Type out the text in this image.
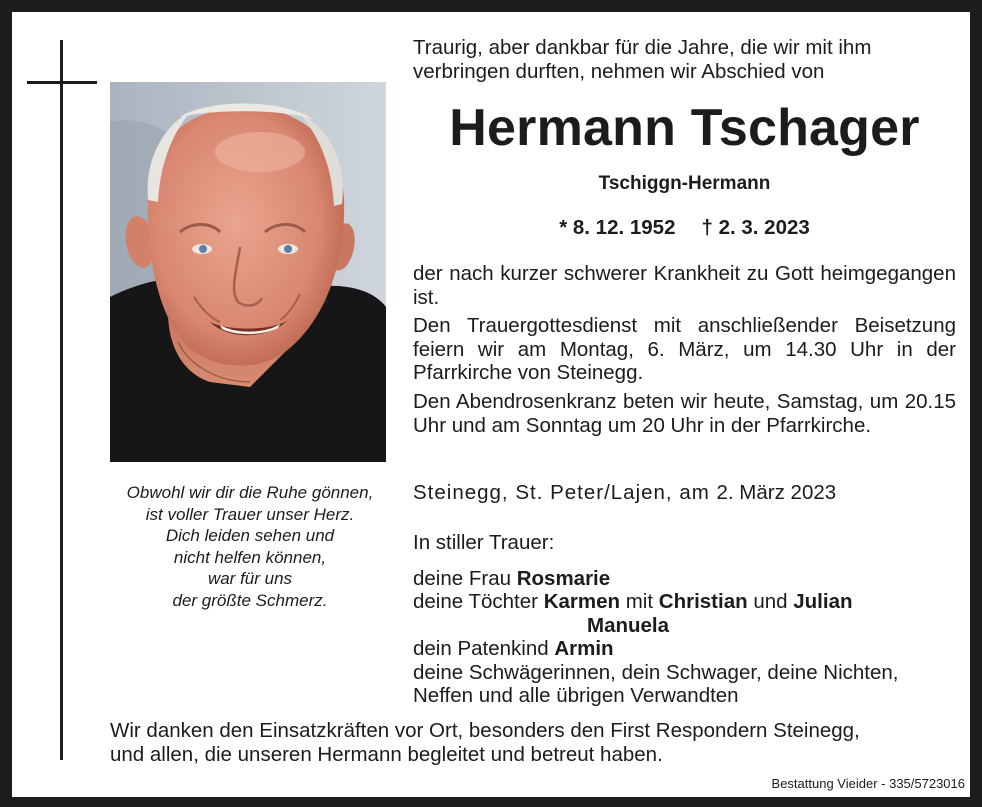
Obwohl wir dir die Ruhe gönnen,
ist voller Trauer unser Herz.
Dich leiden sehen und
nicht helfen können,
war für uns
der größte Schmerz.
Traurig, aber dankbar für die Jahre, die wir mit ihm
verbringen durften, nehmen wir Abschied von
Hermann Tschager
Tschiggn-Hermann
* 8. 12. 1952 † 2. 3. 2023
der nach kurzer schwerer Krankheit zu Gott heimgegangen ist.
Den Trauergottesdienst mit anschließender Beisetzung feiern wir am Montag, 6. März, um 14.30 Uhr in der Pfarrkirche von Steinegg.
Den Abendrosenkranz beten wir heute, Samstag, um 20.15 Uhr und am Sonntag um 20 Uhr in der Pfarrkirche.
Steinegg, St. Peter/Lajen, am 2. März 2023
In stiller Trauer:
deine Frau Rosmarie
deine Töchter Karmen mit Christian und Julian
Manuela
dein Patenkind Armin
deine Schwägerinnen, dein Schwager, deine Nichten,
Neffen und alle übrigen Verwandten
Wir danken den Einsatzkräften vor Ort, besonders den First Respondern Steinegg,
und allen, die unseren Hermann begleitet und betreut haben.
Bestattung Vieider - 335/5723016
